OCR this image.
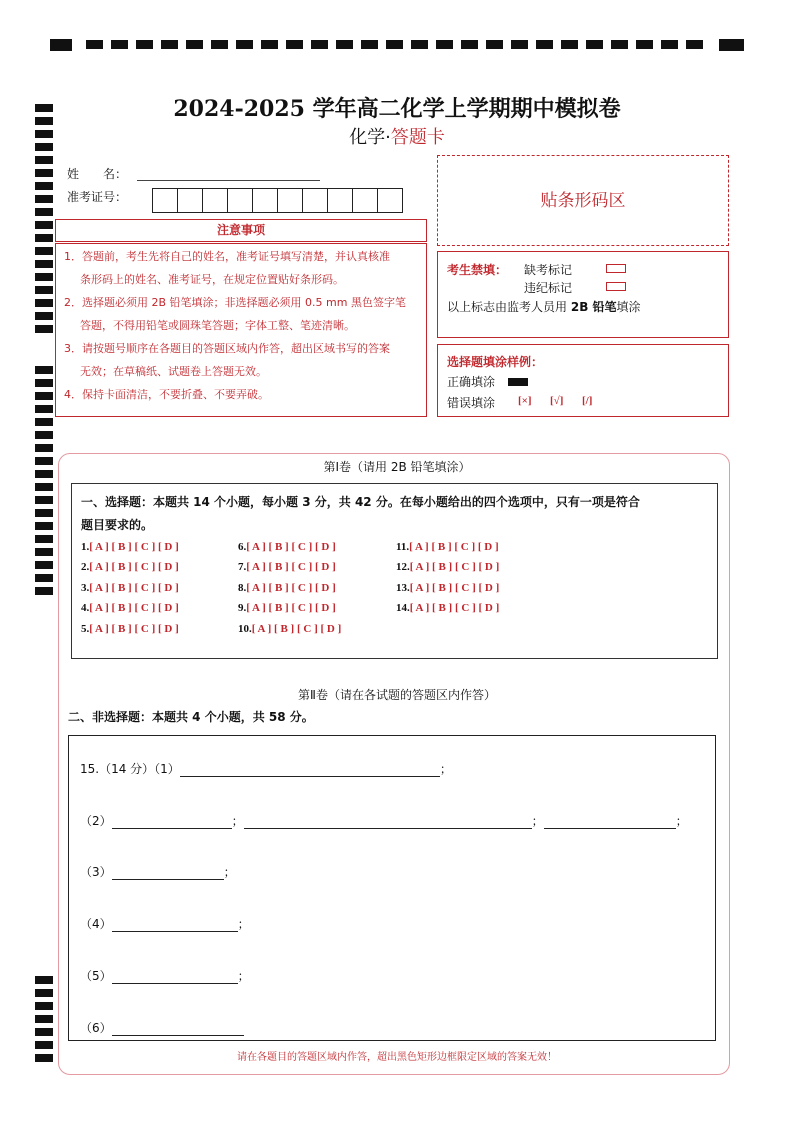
2024-2025 学年高二化学上学期期中模拟卷
化学·答题卡
姓　　名：
准考证号：	贴条形码区
注意事项
1．答题前，考生先将自己的姓名，准考证号填写清楚，并认真核准
条形码上的姓名、准考证号，在规定位置贴好条形码。
2．选择题必须用 2B 铅笔填涂；非选择题必须用 0.5 mm 黑色签字笔
答题，不得用铅笔或圆珠笔答题；字体工整、笔迹清晰。
3．请按题号顺序在各题目的答题区域内作答，超出区域书写的答案
无效；在草稿纸、试题卷上答题无效。
4．保持卡面清洁，不要折叠、不要弄破。
考生禁填： 缺考标记
违纪标记
以上标志由监考人员用 2B 铅笔填涂
选择题填涂样例：
正确填涂
错误填涂 [×] [√] [/]
第Ⅰ卷（请用 2B 铅笔填涂）
一、选择题：本题共 14 个小题，每小题 3 分，共 42 分。在每小题给出的四个选项中，只有一项是符合
题目要求的。
1.[ A ] [ B ] [ C ] [ D ]
2.[ A ] [ B ] [ C ] [ D ]
3.[ A ] [ B ] [ C ] [ D ]
4.[ A ] [ B ] [ C ] [ D ]
5.[ A ] [ B ] [ C ] [ D ]
6.[ A ] [ B ] [ C ] [ D ]
7.[ A ] [ B ] [ C ] [ D ]
8.[ A ] [ B ] [ C ] [ D ]
9.[ A ] [ B ] [ C ] [ D ]
10.[ A ] [ B ] [ C ] [ D ]
11.[ A ] [ B ] [ C ] [ D ]
12.[ A ] [ B ] [ C ] [ D ]
13.[ A ] [ B ] [ C ] [ D ]
14.[ A ] [ B ] [ C ] [ D ]
第Ⅱ卷（请在各试题的答题区内作答）
二、非选择题：本题共 4 个小题，共 58 分。
15.（14 分）（1）	；
（2）	；	；	；
（3）	；
（4）	；
（5）	；
（6）
请在各题目的答题区域内作答，超出黑色矩形边框限定区域的答案无效！
